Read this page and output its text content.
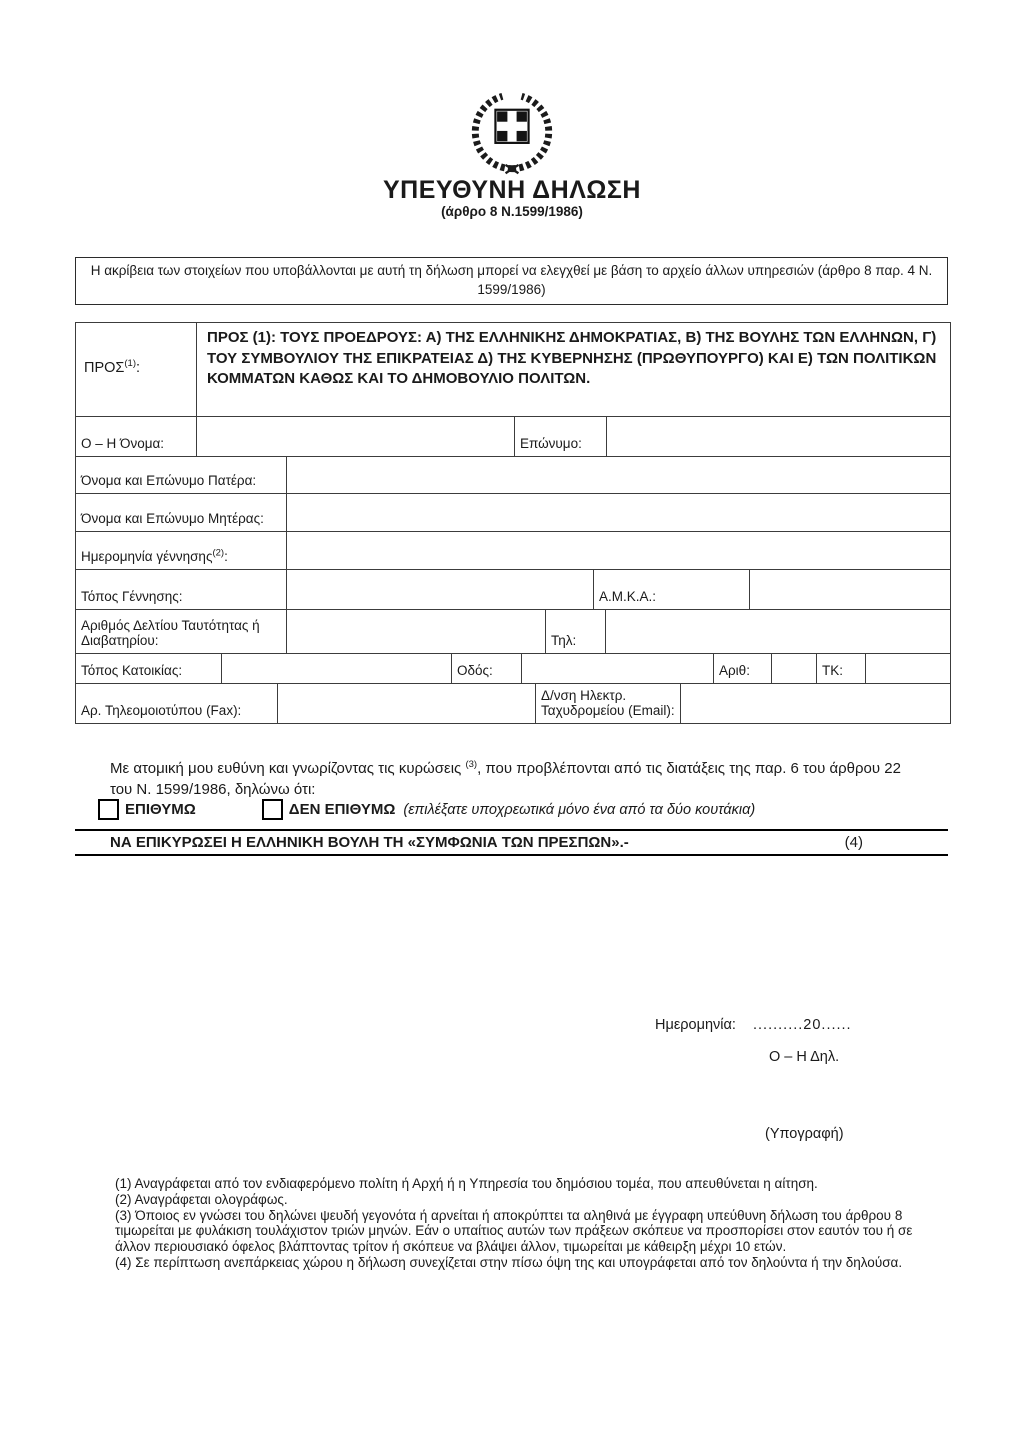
ΥΠΕΥΘΥΝΗ ΔΗΛΩΣΗ
(άρθρο 8 Ν.1599/1986)
Η ακρίβεια των στοιχείων που υποβάλλονται με αυτή τη δήλωση μπορεί να ελεγχθεί με βάση το αρχείο άλλων υπηρεσιών (άρθρο 8 παρ. 4 Ν. 1599/1986)
ΠΡΟΣ$^{(1)}$:
ΠΡΟΣ (1): ΤΟΥΣ ΠΡΟΕΔΡΟΥΣ: Α) ΤΗΣ ΕΛΛΗΝΙΚΗΣ ΔΗΜΟΚΡΑΤΙΑΣ, Β) ΤΗΣ ΒΟΥΛΗΣ ΤΩΝ ΕΛΛΗΝΩΝ, Γ) ΤΟΥ ΣΥΜΒΟΥΛΙΟΥ ΤΗΣ ΕΠΙΚΡΑΤΕΙΑΣ Δ) ΤΗΣ ΚΥΒΕΡΝΗΣΗΣ (ΠΡΩΘΥΠΟΥΡΓΟ) ΚΑΙ Ε) ΤΩΝ ΠΟΛΙΤΙΚΩΝ ΚΟΜΜΑΤΩΝ ΚΑΘΩΣ ΚΑΙ ΤΟ ΔΗΜΟΒΟΥΛΙΟ ΠΟΛΙΤΩΝ.
Ο – Η Όνομα:	Επώνυμο:
Όνομα και Επώνυμο Πατέρα:
Όνομα και Επώνυμο Μητέρας:
Ημερομηνία γέννησης$^{(2)}$:
Τόπος Γέννησης:	Α.Μ.Κ.Α.:
Αριθμός Δελτίου Ταυτότητας ή Διαβατηρίου:	Τηλ:
Τόπος Κατοικίας:	Οδός:	Αριθ:	ΤΚ:
Αρ. Τηλεομοιοτύπου (Fax):
Δ/νση Ηλεκτρ. Ταχυδρομείου (Email):
Με ατομική μου ευθύνη και γνωρίζοντας τις κυρώσεις $^{(3)}$, που προβλέπονται από τις διατάξεις της παρ. 6 του άρθρου 22 του Ν. 1599/1986, δηλώνω ότι:
ΕΠΙΘΥΜΩ	ΔΕΝ ΕΠΙΘΥΜΩ (επιλέξατε υποχρεωτικά μόνο ένα από τα δύο κουτάκια)
ΝΑ ΕΠΙΚΥΡΩΣΕΙ Η ΕΛΛΗΝΙΚΗ ΒΟΥΛΗ ΤΗ «ΣΥΜΦΩΝΙΑ ΤΩΝ ΠΡΕΣΠΩΝ».-	(4)
Ημερομηνία: ..........20......
Ο – Η Δηλ.
(Υπογραφή)
(1) Αναγράφεται από τον ενδιαφερόμενο πολίτη ή Αρχή ή η Υπηρεσία του δημόσιου τομέα, που απευθύνεται η αίτηση.
(2) Αναγράφεται ολογράφως.
(3) Όποιος εν γνώσει του δηλώνει ψευδή γεγονότα ή αρνείται ή αποκρύπτει τα αληθινά με έγγραφη υπεύθυνη δήλωση του άρθρου 8 τιμωρείται με φυλάκιση τουλάχιστον τριών μηνών. Εάν ο υπαίτιος αυτών των πράξεων σκόπευε να προσπορίσει στον εαυτόν του ή σε άλλον περιουσιακό όφελος βλάπτοντας τρίτον ή σκόπευε να βλάψει άλλον, τιμωρείται με κάθειρξη μέχρι 10 ετών.
(4) Σε περίπτωση ανεπάρκειας χώρου η δήλωση συνεχίζεται στην πίσω όψη της και υπογράφεται από τον δηλούντα ή την δηλούσα.
